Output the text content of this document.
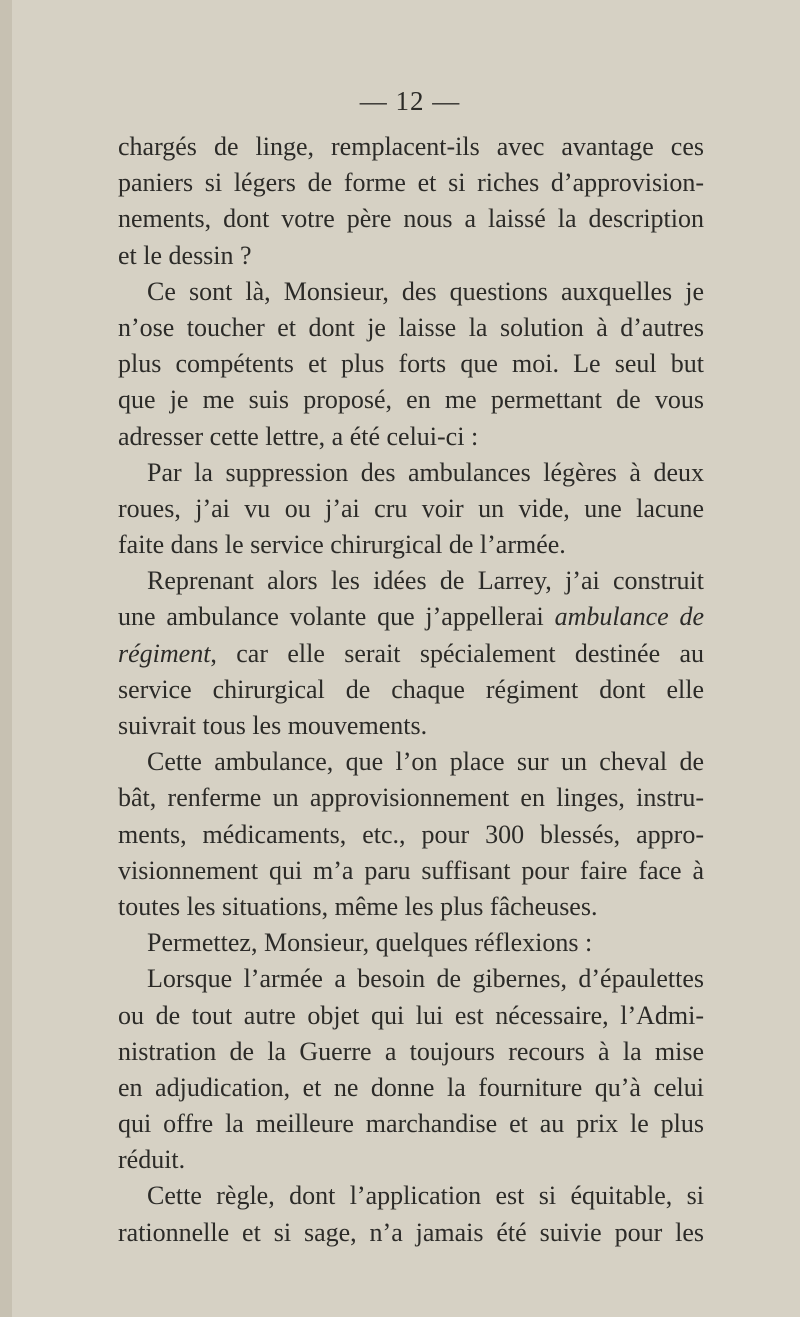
— 12 —
chargés de linge, remplacent-ils avec avantage ces
paniers si légers de forme et si riches d’approvision-
nements, dont votre père nous a laissé la description
et le dessin ?
Ce sont là, Monsieur, des questions auxquelles je
n’ose toucher et dont je laisse la solution à d’autres
plus compétents et plus forts que moi. Le seul but
que je me suis proposé, en me permettant de vous
adresser cette lettre, a été celui-ci :
Par la suppression des ambulances légères à deux
roues, j’ai vu ou j’ai cru voir un vide, une lacune
faite dans le service chirurgical de l’armée.
Reprenant alors les idées de Larrey, j’ai construit
une ambulance volante que j’appellerai ambulance de
régiment, car elle serait spécialement destinée au
service chirurgical de chaque régiment dont elle
suivrait tous les mouvements.
Cette ambulance, que l’on place sur un cheval de
bât, renferme un approvisionnement en linges, instru-
ments, médicaments, etc., pour 300 blessés, appro-
visionnement qui m’a paru suffisant pour faire face à
toutes les situations, même les plus fâcheuses.
Permettez, Monsieur, quelques réflexions :
Lorsque l’armée a besoin de gibernes, d’épaulettes
ou de tout autre objet qui lui est nécessaire, l’Admi-
nistration de la Guerre a toujours recours à la mise
en adjudication, et ne donne la fourniture qu’à celui
qui offre la meilleure marchandise et au prix le plus
réduit.
Cette règle, dont l’application est si équitable, si
rationnelle et si sage, n’a jamais été suivie pour les
